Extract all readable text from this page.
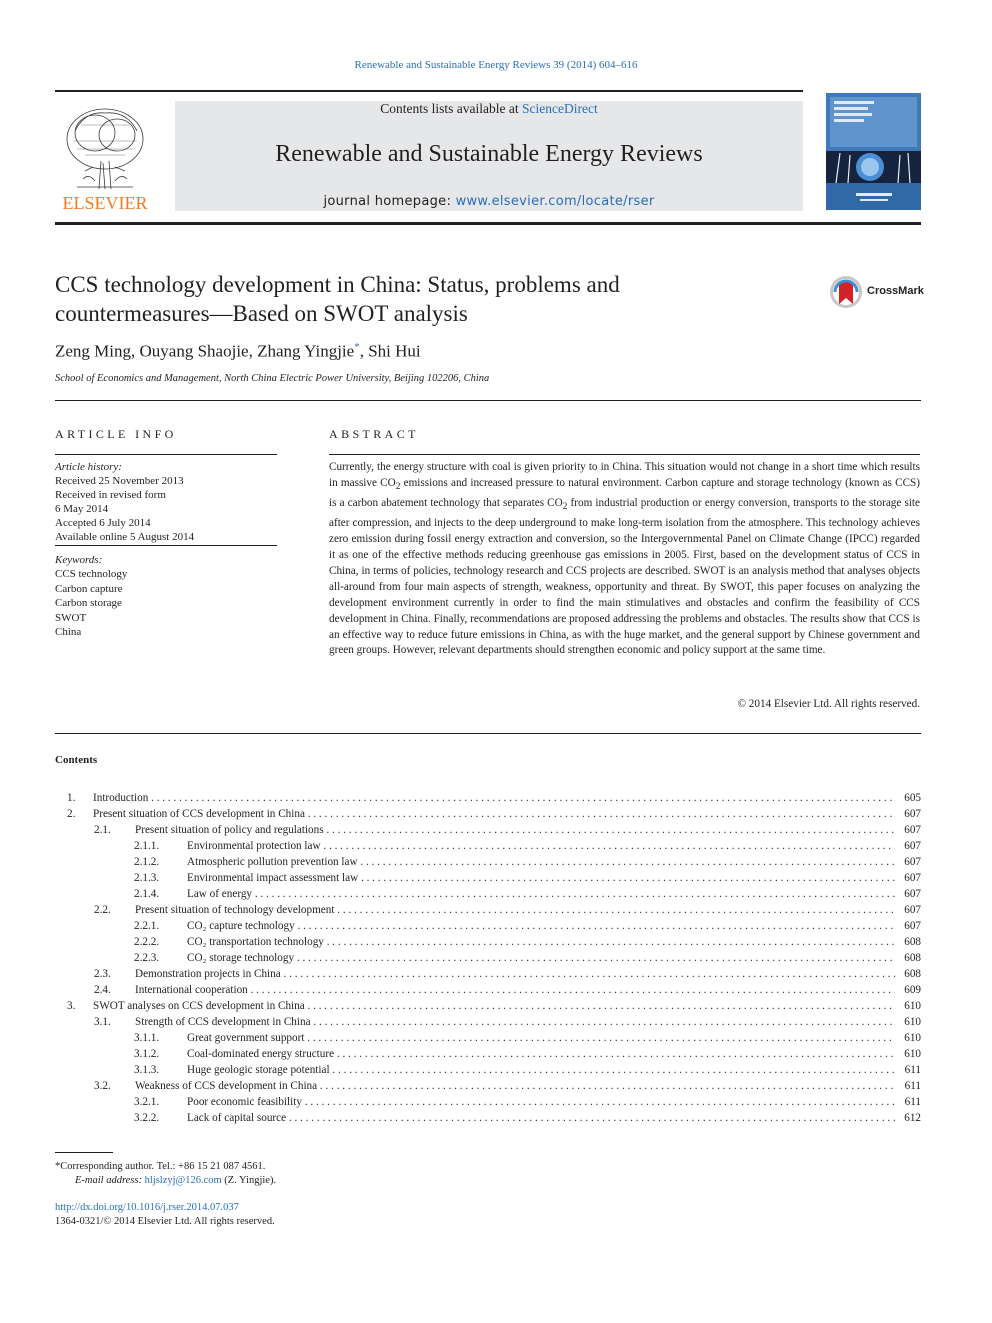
Renewable and Sustainable Energy Reviews 39 (2014) 604–616
ELSEVIER
Contents lists available at ScienceDirect
Renewable and Sustainable Energy Reviews
journal homepage: www.elsevier.com/locate/rser
CCS technology development in China: Status, problems and countermeasures—Based on SWOT analysis
CrossMark
Zeng Ming, Ouyang Shaojie, Zhang Yingjie*, Shi Hui
School of Economics and Management, North China Electric Power University, Beijing 102206, China
ARTICLE INFO	ABSTRACT
Article history:
Received 25 November 2013
Received in revised form
6 May 2014
Accepted 6 July 2014
Available online 5 August 2014
Keywords:
CCS technology
Carbon capture
Carbon storage
SWOT
China
Currently, the energy structure with coal is given priority to in China. This situation would not change in a short time which results in massive $CO_2$ emissions and increased pressure to natural environment. Carbon capture and storage technology (known as CCS) is a carbon abatement technology that separates $CO_2$ from industrial production or energy conversion, transports to the storage site after compression, and injects to the deep underground to make long-term isolation from the atmosphere. This technology achieves zero emission during fossil energy extraction and conversion, so the Intergovernmental Panel on Climate Change (IPCC) regarded it as one of the effective methods reducing greenhouse gas emissions in 2005. First, based on the development status of CCS in China, in terms of policies, technology research and CCS projects are described. SWOT is an analysis method that analyses objects all-around from four main aspects of strength, weakness, opportunity and threat. By SWOT, this paper focuses on analyzing the development environment currently in order to find the main stimulatives and obstacles and confirm the feasibility of CCS development in China. Finally, recommendations are proposed addressing the problems and obstacles. The results show that CCS is an effective way to reduce future emissions in China, as with the huge market, and the general support by Chinese government and green groups. However, relevant departments should strengthen economic and policy support at the same time.
© 2014 Elsevier Ltd. All rights reserved.
Contents
1. Introduction . . .	605
2. Present situation of CCS development in China . . .	607
2.1. Present situation of policy and regulations . . .	607
2.1.1. Environmental protection law . . .	607
2.1.2. Atmospheric pollution prevention law . . .	607
2.1.3. Environmental impact assessment law . . .	607
2.1.4. Law of energy . . .	607
2.2. Present situation of technology development . . .	607
2.2.1. CO₂ capture technology . . .	607
2.2.2. CO₂ transportation technology . . .	608
2.2.3. CO₂ storage technology . . .	608
2.3. Demonstration projects in China . . .	608
2.4. International cooperation . . .	609
3. SWOT analyses on CCS development in China . . .	610
3.1. Strength of CCS development in China . . .	610
3.1.1. Great government support . . .	610
3.1.2. Coal-dominated energy structure . . .	610
3.1.3. Huge geologic storage potential . . .	611
3.2. Weakness of CCS development in China . . .	611
3.2.1. Poor economic feasibility . . .	611
3.2.2. Lack of capital source . . .	612
*Corresponding author. Tel.: +86 15 21 087 4561.
E-mail address: hljslzyj@126.com (Z. Yingjie).
http://dx.doi.org/10.1016/j.rser.2014.07.037
1364-0321/© 2014 Elsevier Ltd. All rights reserved.
